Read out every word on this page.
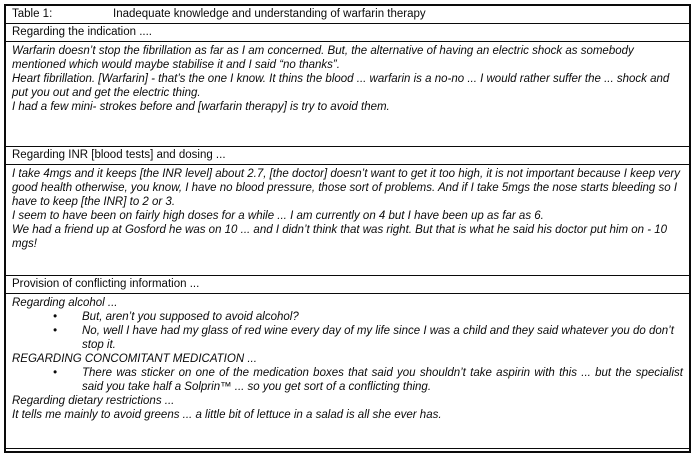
Table 1:	Inadequate knowledge and understanding of warfarin therapy
Regarding the indication ....

Warfarin doesn’t stop the fibrillation as far as I am concerned. But, the alternative of having an electric shock as somebody mentioned which would maybe stabilise it and I said “no thanks”.

Heart fibrillation. [Warfarin] - that’s the one I know. It thins the blood ... warfarin is a no-no ... I would rather suffer the ... shock and put you out and get the electric thing.

I had a few mini- strokes before and [warfarin therapy] is try to avoid them.

Regarding INR [blood tests] and dosing ...

I take 4mgs and it keeps [the INR level] about 2.7, [the doctor] doesn’t want to get it too high, it is not important because I keep very good health otherwise, you know, I have no blood pressure, those sort of problems. And if I take 5mgs the nose starts bleeding so I have to keep [the INR] to 2 or 3.

I seem to have been on fairly high doses for a while ... I am currently on 4 but I have been up as far as 6.

We had a friend up at Gosford he was on 10 ... and I didn’t think that was right. But that is what he said his doctor put him on - 10 mgs!

Provision of conflicting information ...

Regarding alcohol ...

• But, aren’t you supposed to avoid alcohol?
• No, well I have had my glass of red wine every day of my life since I was a child and they said whatever you do don’t stop it.

REGARDING CONCOMITANT MEDICATION ...

• There was sticker on one of the medication boxes that said you shouldn’t take aspirin with this ... but the specialist said you take half a Solprin™ ... so you get sort of a conflicting thing.

Regarding dietary restrictions ...

It tells me mainly to avoid greens ... a little bit of lettuce in a salad is all she ever has.
